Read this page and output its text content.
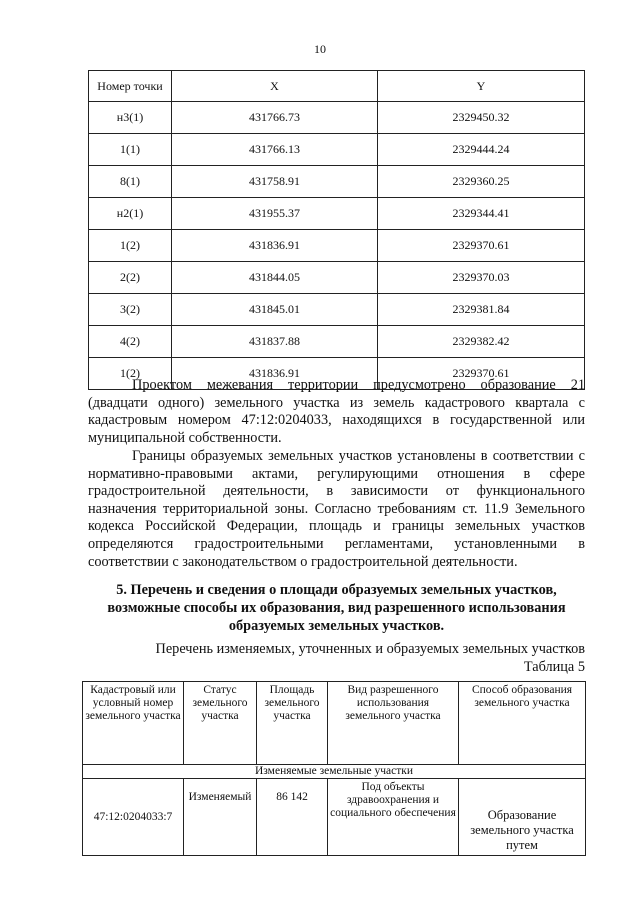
10
Номер точки	X	Y
н3(1)	431766.73	2329450.32
1(1)	431766.13	2329444.24
8(1)	431758.91	2329360.25
н2(1)	431955.37	2329344.41
1(2)	431836.91	2329370.61
2(2)	431844.05	2329370.03
3(2)	431845.01	2329381.84
4(2)	431837.88	2329382.42
1(2)	431836.91	2329370.61

Проектом межевания территории предусмотрено образование 21 (двадцати одного) земельного участка из земель кадастрового квартала с кадастровым номером 47:12:0204033, находящихся в государственной или муниципальной собственности.

Границы образуемых земельных участков установлены в соответствии с нормативно-правовыми актами, регулирующими отношения в сфере градостроительной деятельности, в зависимости от функционального назначения территориальной зоны. Согласно требованиям ст. 11.9 Земельного кодекса Российской Федерации, площадь и границы земельных участков определяются градостроительными регламентами, установленными в соответствии с законодательством о градостроительной деятельности.

5. Перечень и сведения о площади образуемых земельных участков, возможные способы их образования, вид разрешенного использования образуемых земельных участков.

Перечень изменяемых, уточненных и образуемых земельных участков
Таблица 5
Кадастровый или условный номер земельного участка	Статус земельного участка	Площадь земельного участка	Вид разрешенного использования земельного участка	Способ образования земельного участка
Изменяемые земельные участки				
47:12:0204033:7	Изменяемый	86 142	Под объекты здравоохранения и социального обеспечения	Образование земельного участка путем
